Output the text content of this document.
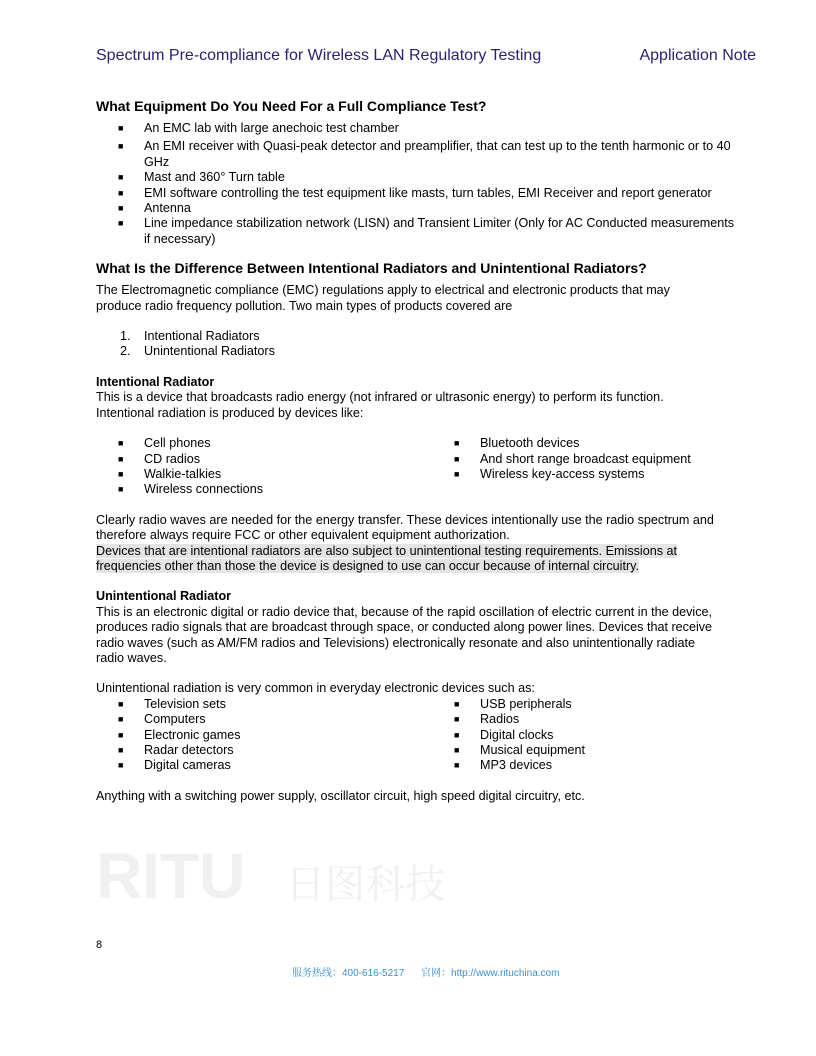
Spectrum Pre-compliance for Wireless LAN Regulatory Testing	Application Note
What Equipment Do You Need For a Full Compliance Test?
■ An EMC lab with large anechoic test chamber
■ An EMI receiver with Quasi-peak detector and preamplifier, that can test up to the tenth harmonic or to 40 GHz
■ Mast and 360° Turn table
■ EMI software controlling the test equipment like masts, turn tables, EMI Receiver and report generator
■ Antenna
■ Line impedance stabilization network (LISN) and Transient Limiter (Only for AC Conducted measurements if necessary)
What Is the Difference Between Intentional Radiators and Unintentional Radiators?
The Electromagnetic compliance (EMC) regulations apply to electrical and electronic products that may produce radio frequency pollution. Two main types of products covered are
1. Intentional Radiators
2. Unintentional Radiators
Intentional Radiator
This is a device that broadcasts radio energy (not infrared or ultrasonic energy) to perform its function. Intentional radiation is produced by devices like:
■ Cell phones
■ CD radios
■ Walkie-talkies
■ Wireless connections
■ Bluetooth devices
■ And short range broadcast equipment
■ Wireless key-access systems
Clearly radio waves are needed for the energy transfer. These devices intentionally use the radio spectrum and therefore always require FCC or other equivalent equipment authorization.
Devices that are intentional radiators are also subject to unintentional testing requirements. Emissions at frequencies other than those the device is designed to use can occur because of internal circuitry.
Unintentional Radiator
This is an electronic digital or radio device that, because of the rapid oscillation of electric current in the device, produces radio signals that are broadcast through space, or conducted along power lines. Devices that receive radio waves (such as AM/FM radios and Televisions) electronically resonate and also unintentionally radiate radio waves.
Unintentional radiation is very common in everyday electronic devices such as:
■ Television sets
■ Computers
■ Electronic games
■ Radar detectors
■ Digital cameras
■ USB peripherals
■ Radios
■ Digital clocks
■ Musical equipment
■ MP3 devices
Anything with a switching power supply, oscillator circuit, high speed digital circuitry, etc.
RITU 日图科技
8
服务热线：400-616-5217 官网：http://www.rituchina.com
